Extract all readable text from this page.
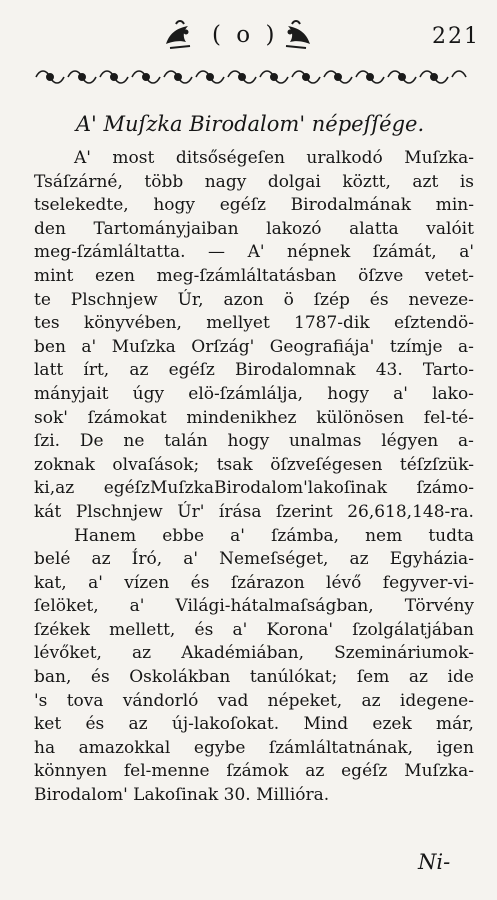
( o )	221
A' Muſzka Birodalom' népeſſége.
A' most ditsőségeſen uralkodó Muſzka-
Tsáſzárné, több nagy dolgai köztt, azt is
tselekedte, hogy egéſz Birodalmának min-
den Tartományjaiban lakozó alatta valóit
meg-ſzámláltatta. — A' népnek ſzámát, a'
mint ezen meg-ſzámláltatásban öſzve vetet-
te Plschnjew Úr, azon ö ſzép és neveze-
tes könyvében, mellyet 1787-dik eſztendö-
ben a' Muſzka Orſzág' Geografiája' tzímje a-
latt írt, az egéſz Birodalomnak 43. Tarto-
mányjait úgy elö-ſzámlálja, hogy a' lako-
sok' ſzámokat mindenikhez különösen fel-té-
ſzi. De ne talán hogy unalmas légyen a-
zoknak olvaſások; tsak öſzveſégesen téſzſzük-
ki,az egéſzMuſzkaBirodalom'lakoſinak ſzámo-
kát Plschnjew Úr' írása ſzerint 26,618,148-ra.
Hanem ebbe a' ſzámba, nem tudta
belé az Író, a' Nemeſséget, az Egyházia-
kat, a' vízen és ſzárazon lévő fegyver-vi-
ſelöket, a' Világi-hátalmaſságban, Törvény
ſzékek mellett, és a' Korona' ſzolgálatjában
lévőket, az Akadémiában, Szemináriumok-
ban, és Oskolákban tanúlókat; ſem az ide
's tova vándorló vad népeket, az idegene-
ket és az új-lakoſokat. Mind ezek már,
ha amazokkal egybe ſzámláltatnának, igen
könnyen fel-menne ſzámok az egéſz Muſzka-
Birodalom' Lakoſinak 30. Millióra.
Ni-
